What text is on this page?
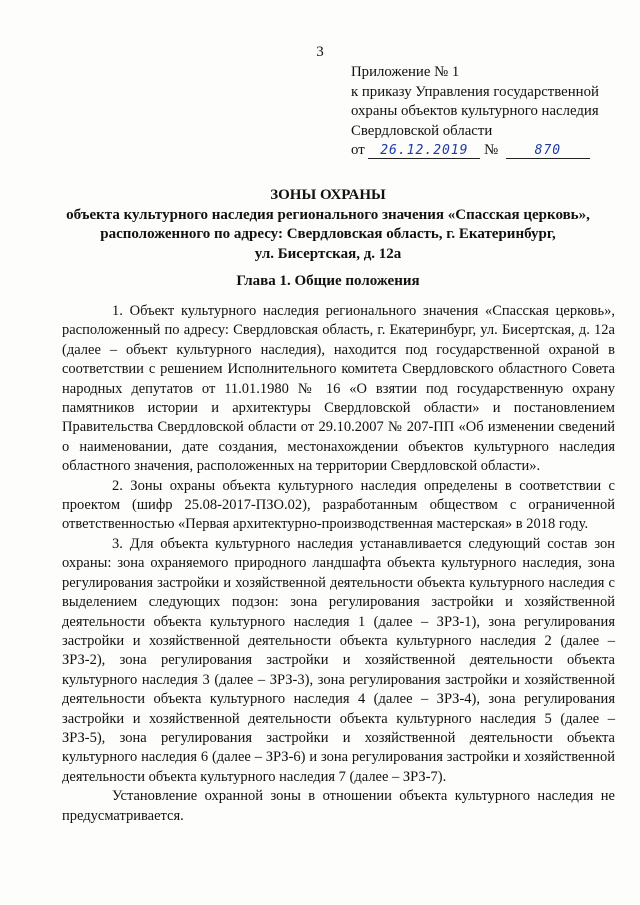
3
Приложение № 1
к приказу Управления государственной
охраны объектов культурного наследия
Свердловской области
от 26.12.2019 №	870
ЗОНЫ ОХРАНЫ
объекта культурного наследия регионального значения «Спасская церковь»,
расположенного по адресу: Свердловская область, г. Екатеринбург,
ул. Бисертская, д. 12а
Глава 1. Общие положения

1. Объект культурного наследия регионального значения «Спасская церковь», расположенный по адресу: Свердловская область, г. Екатеринбург, ул. Бисертская, д. 12а (далее – объект культурного наследия), находится под государственной охраной в соответствии с решением Исполнительного комитета Свердловского областного Совета народных депутатов от 11.01.1980 № 16 «О взятии под государственную охрану памятников истории и архитектуры Свердловской области» и постановлением Правительства Свердловской области от 29.10.2007 № 207-ПП «Об изменении сведений о наименовании, дате создания, местонахождении объектов культурного наследия областного значения, расположенных на территории Свердловской области».

2. Зоны охраны объекта культурного наследия определены в соответствии с проектом (шифр 25.08-2017-ПЗО.02), разработанным обществом с ограниченной ответственностью «Первая архитектурно-производственная мастерская» в 2018 году.

3. Для объекта культурного наследия устанавливается следующий состав зон охраны: зона охраняемого природного ландшафта объекта культурного наследия, зона регулирования застройки и хозяйственной деятельности объекта культурного наследия с выделением следующих подзон: зона регулирования застройки и хозяйственной деятельности объекта культурного наследия 1 (далее – ЗРЗ-1), зона регулирования застройки и хозяйственной деятельности объекта культурного наследия 2 (далее – ЗРЗ-2), зона регулирования застройки и хозяйственной деятельности объекта культурного наследия 3 (далее – ЗРЗ-3), зона регулирования застройки и хозяйственной деятельности объекта культурного наследия 4 (далее – ЗРЗ-4), зона регулирования застройки и хозяйственной деятельности объекта культурного наследия 5 (далее – ЗРЗ-5), зона регулирования застройки и хозяйственной деятельности объекта культурного наследия 6 (далее – ЗРЗ-6) и зона регулирования застройки и хозяйственной деятельности объекта культурного наследия 7 (далее – ЗРЗ-7).

Установление охранной зоны в отношении объекта культурного наследия не предусматривается.
